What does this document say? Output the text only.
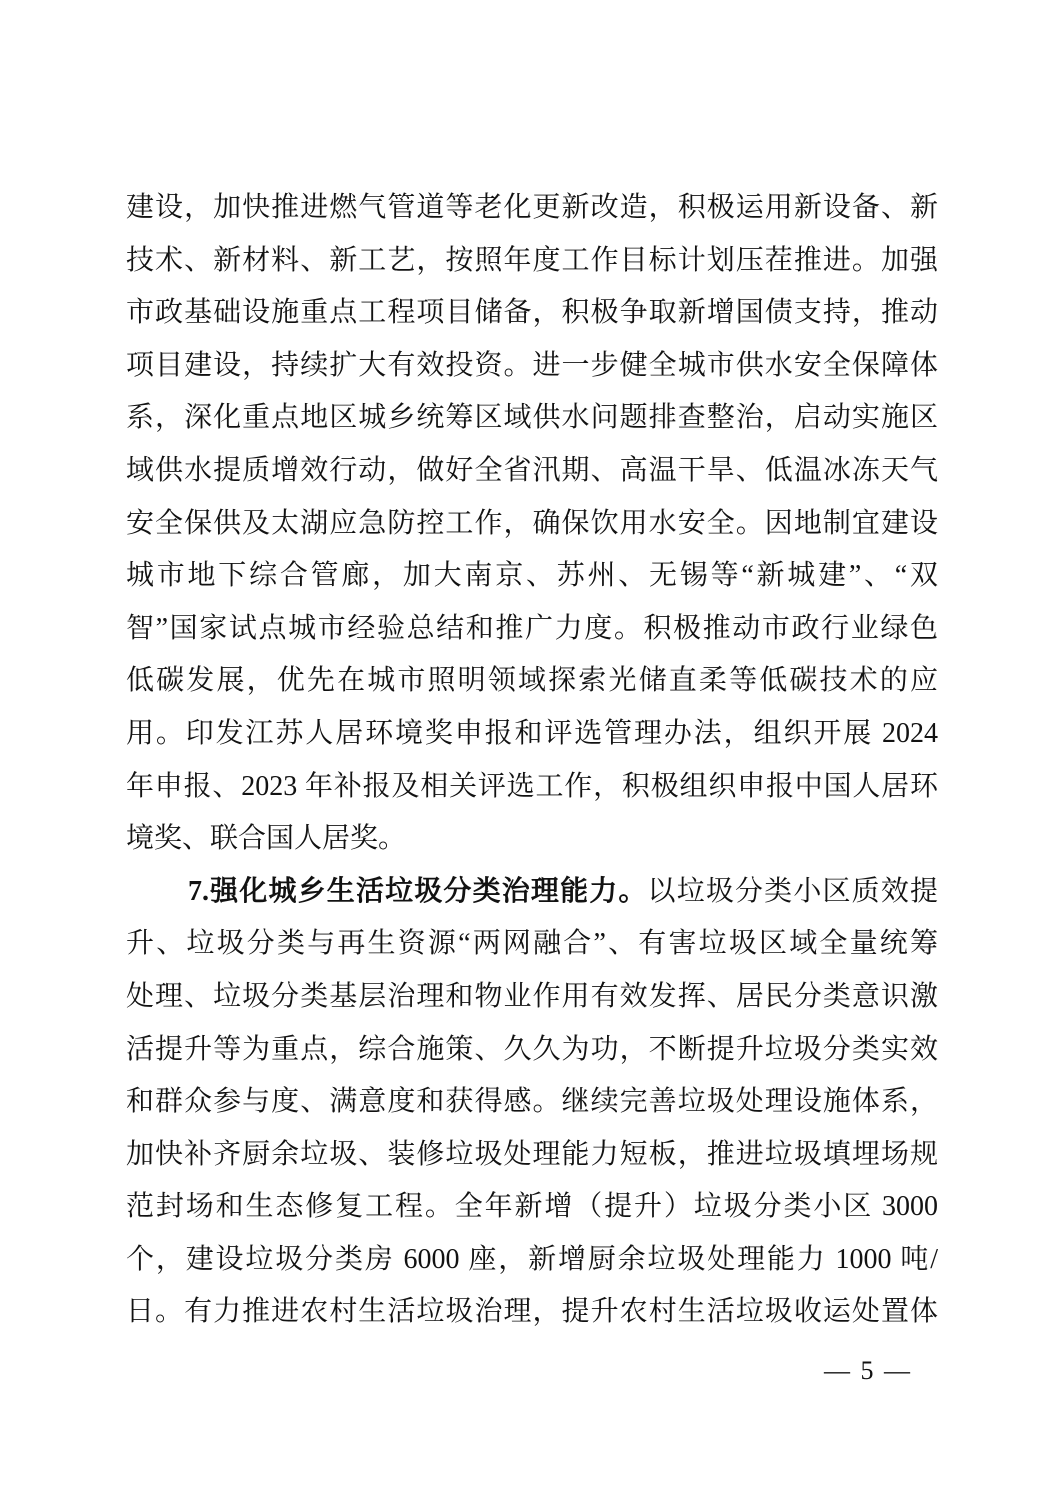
建设，加快推进燃气管道等老化更新改造，积极运用新设备、新
技术、新材料、新工艺，按照年度工作目标计划压茬推进。加强
市政基础设施重点工程项目储备，积极争取新增国债支持，推动
项目建设，持续扩大有效投资。进一步健全城市供水安全保障体
系，深化重点地区城乡统筹区域供水问题排查整治，启动实施区
域供水提质增效行动，做好全省汛期、高温干旱、低温冰冻天气
安全保供及太湖应急防控工作，确保饮用水安全。因地制宜建设
城市地下综合管廊，加大南京、苏州、无锡等“新城建”、“双
智”国家试点城市经验总结和推广力度。积极推动市政行业绿色
低碳发展，优先在城市照明领域探索光储直柔等低碳技术的应
用。印发江苏人居环境奖申报和评选管理办法，组织开展 2024
年申报、2023 年补报及相关评选工作，积极组织申报中国人居环
境奖、联合国人居奖。
7.强化城乡生活垃圾分类治理能力。以垃圾分类小区质效提
升、垃圾分类与再生资源“两网融合”、有害垃圾区域全量统筹
处理、垃圾分类基层治理和物业作用有效发挥、居民分类意识激
活提升等为重点，综合施策、久久为功，不断提升垃圾分类实效
和群众参与度、满意度和获得感。继续完善垃圾处理设施体系，
加快补齐厨余垃圾、装修垃圾处理能力短板，推进垃圾填埋场规
范封场和生态修复工程。全年新增（提升）垃圾分类小区 3000
个，建设垃圾分类房 6000 座，新增厨余垃圾处理能力 1000 吨/
日。有力推进农村生活垃圾治理，提升农村生活垃圾收运处置体
— 5 —
